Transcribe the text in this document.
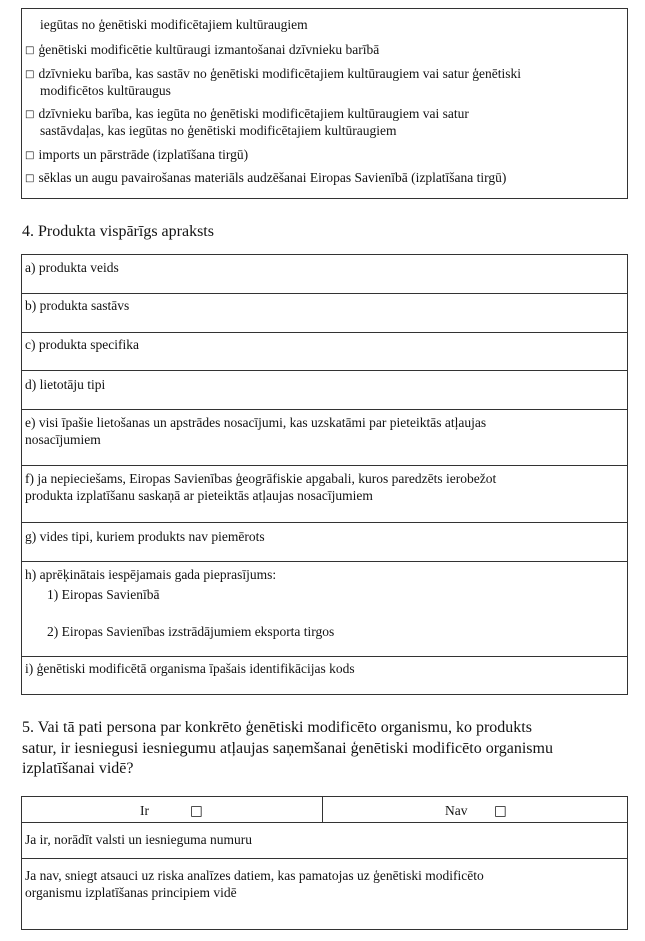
iegūtas no ģenētiski modificētajiem kultūraugiem
□ ģenētiski modificētie kultūraugi izmantošanai dzīvnieku barībā
□ dzīvnieku barība, kas sastāv no ģenētiski modificētajiem kultūraugiem vai satur ģenētiski
modificētos kultūraugus
□ dzīvnieku barība, kas iegūta no ģenētiski modificētajiem kultūraugiem vai satur
sastāvdaļas, kas iegūtas no ģenētiski modificētajiem kultūraugiem
□ imports un pārstrāde (izplatīšana tirgū)
□ sēklas un augu pavairošanas materiāls audzēšanai Eiropas Savienībā (izplatīšana tirgū)
4. Produkta vispārīgs apraksts
a) produkta veids
b) produkta sastāvs
c) produkta specifika
d) lietotāju tipi
e) visi īpašie lietošanas un apstrādes nosacījumi, kas uzskatāmi par pieteiktās atļaujas
nosacījumiem
f) ja nepieciešams, Eiropas Savienības ģeogrāfiskie apgabali, kuros paredzēts ierobežot
produkta izplatīšanu saskaņā ar pieteiktās atļaujas nosacījumiem
g) vides tipi, kuriem produkts nav piemērots
h) aprēķinātais iespējamais gada pieprasījums:
1) Eiropas Savienībā
2) Eiropas Savienības izstrādājumiem eksporta tirgos
i) ģenētiski modificētā organisma īpašais identifikācijas kods
5. Vai tā pati persona par konkrēto ģenētiski modificēto organismu, ko produkts
satur, ir iesniegusi iesniegumu atļaujas saņemšanai ģenētiski modificēto organismu
izplatīšanai vidē?
Ir	□	Nav □
Ja ir, norādīt valsti un iesnieguma numuru
Ja nav, sniegt atsauci uz riska analīzes datiem, kas pamatojas uz ģenētiski modificēto
organismu izplatīšanas principiem vidē
